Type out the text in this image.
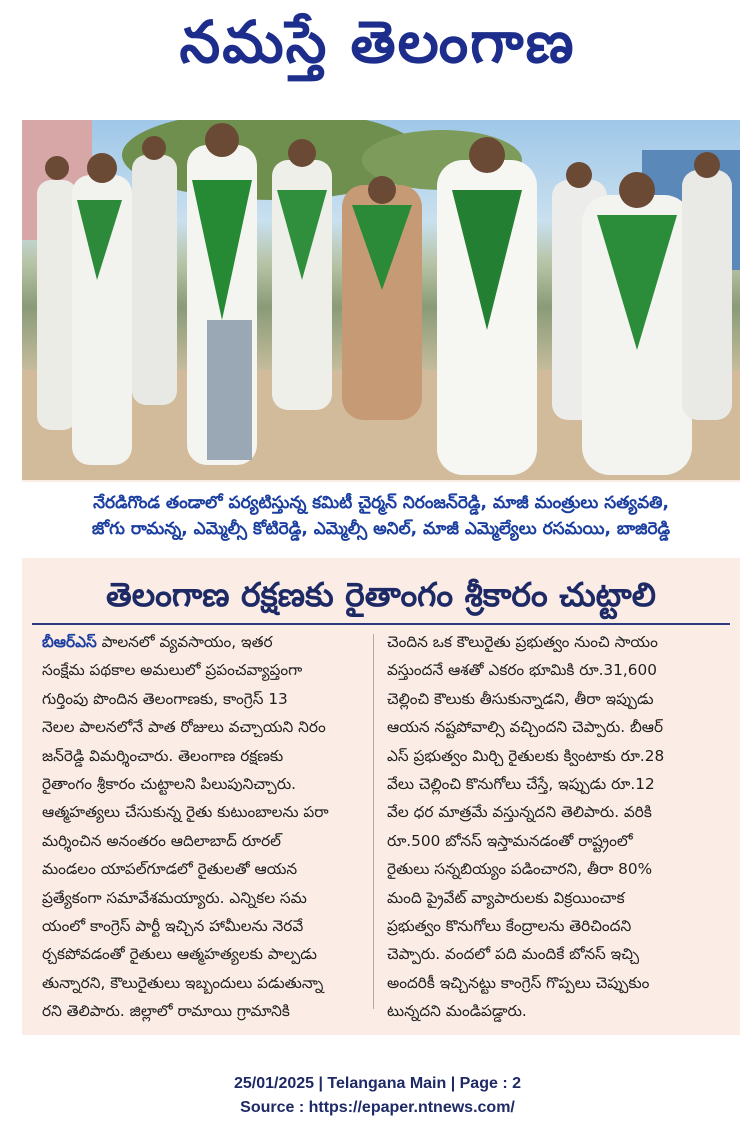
నమస్తే తెలంగాణ
నేరడిగొండ తండాలో పర్యటిస్తున్న కమిటీ చైర్మన్ నిరంజన్‌రెడ్డి, మాజీ మంత్రులు సత్యవతి,
జోగు రామన్న, ఎమ్మెల్సీ కోటిరెడ్డి, ఎమ్మెల్సీ అనిల్, మాజీ ఎమ్మెల్యేలు రసమయి, బాజిరెడ్డి
తెలంగాణ రక్షణకు రైతాంగం శ్రీకారం చుట్టాలి
బీఆర్‌ఎస్ పాలనలో వ్యవసాయం, ఇతర
సంక్షేమ పథకాల అమలులో ప్రపంచవ్యాప్తంగా
గుర్తింపు పొందిన తెలంగాణకు, కాంగ్రెస్ 13
నెలల పాలనలోనే పాత రోజులు వచ్చాయని నిరం
జన్‌రెడ్డి విమర్శించారు. తెలంగాణ రక్షణకు
రైతాంగం శ్రీకారం చుట్టాలని పిలుపునిచ్చారు.
ఆత్మహత్యలు చేసుకున్న రైతు కుటుంబాలను పరా
మర్శించిన అనంతరం ఆదిలాబాద్ రూరల్
మండలం యాపల్‌గూడలో రైతులతో ఆయన
ప్రత్యేకంగా సమావేశమయ్యారు. ఎన్నికల సమ
యంలో కాంగ్రెస్ పార్టీ ఇచ్చిన హామీలను నెరవే
ర్చకపోవడంతో రైతులు ఆత్మహత్యలకు పాల్పడు
తున్నారని, కౌలురైతులు ఇబ్బందులు పడుతున్నా
రని తెలిపారు. జిల్లాలో రామాయి గ్రామానికి
చెందిన ఒక కౌలురైతు ప్రభుత్వం నుంచి సాయం
వస్తుందనే ఆశతో ఎకరం భూమికి రూ.31,600
చెల్లించి కౌలుకు తీసుకున్నాడని, తీరా ఇప్పుడు
ఆయన నష్టపోవాల్సి వచ్చిందని చెప్పారు. బీఆర్
ఎస్ ప్రభుత్వం మిర్చి రైతులకు క్వింటాకు రూ.28
వేలు చెల్లించి కొనుగోలు చేస్తే, ఇప్పుడు రూ.12
వేల ధర మాత్రమే వస్తున్నదని తెలిపారు. వరికి
రూ.500 బోనస్ ఇస్తామనడంతో రాష్ట్రంలో
రైతులు సన్నబియ్యం పడించారని, తీరా 80%
మంది ప్రైవేట్ వ్యాపారులకు విక్రయించాక
ప్రభుత్వం కొనుగోలు కేంద్రాలను తెరిచిందని
చెప్పారు. వందలో పది మందికే బోనస్ ఇచ్చి
అందరికీ ఇచ్చినట్టు కాంగ్రెస్ గొప్పలు చెప్పుకుం
టున్నదని మండిపడ్డారు.
25/01/2025 | Telangana Main | Page : 2
Source : https://epaper.ntnews.com/
